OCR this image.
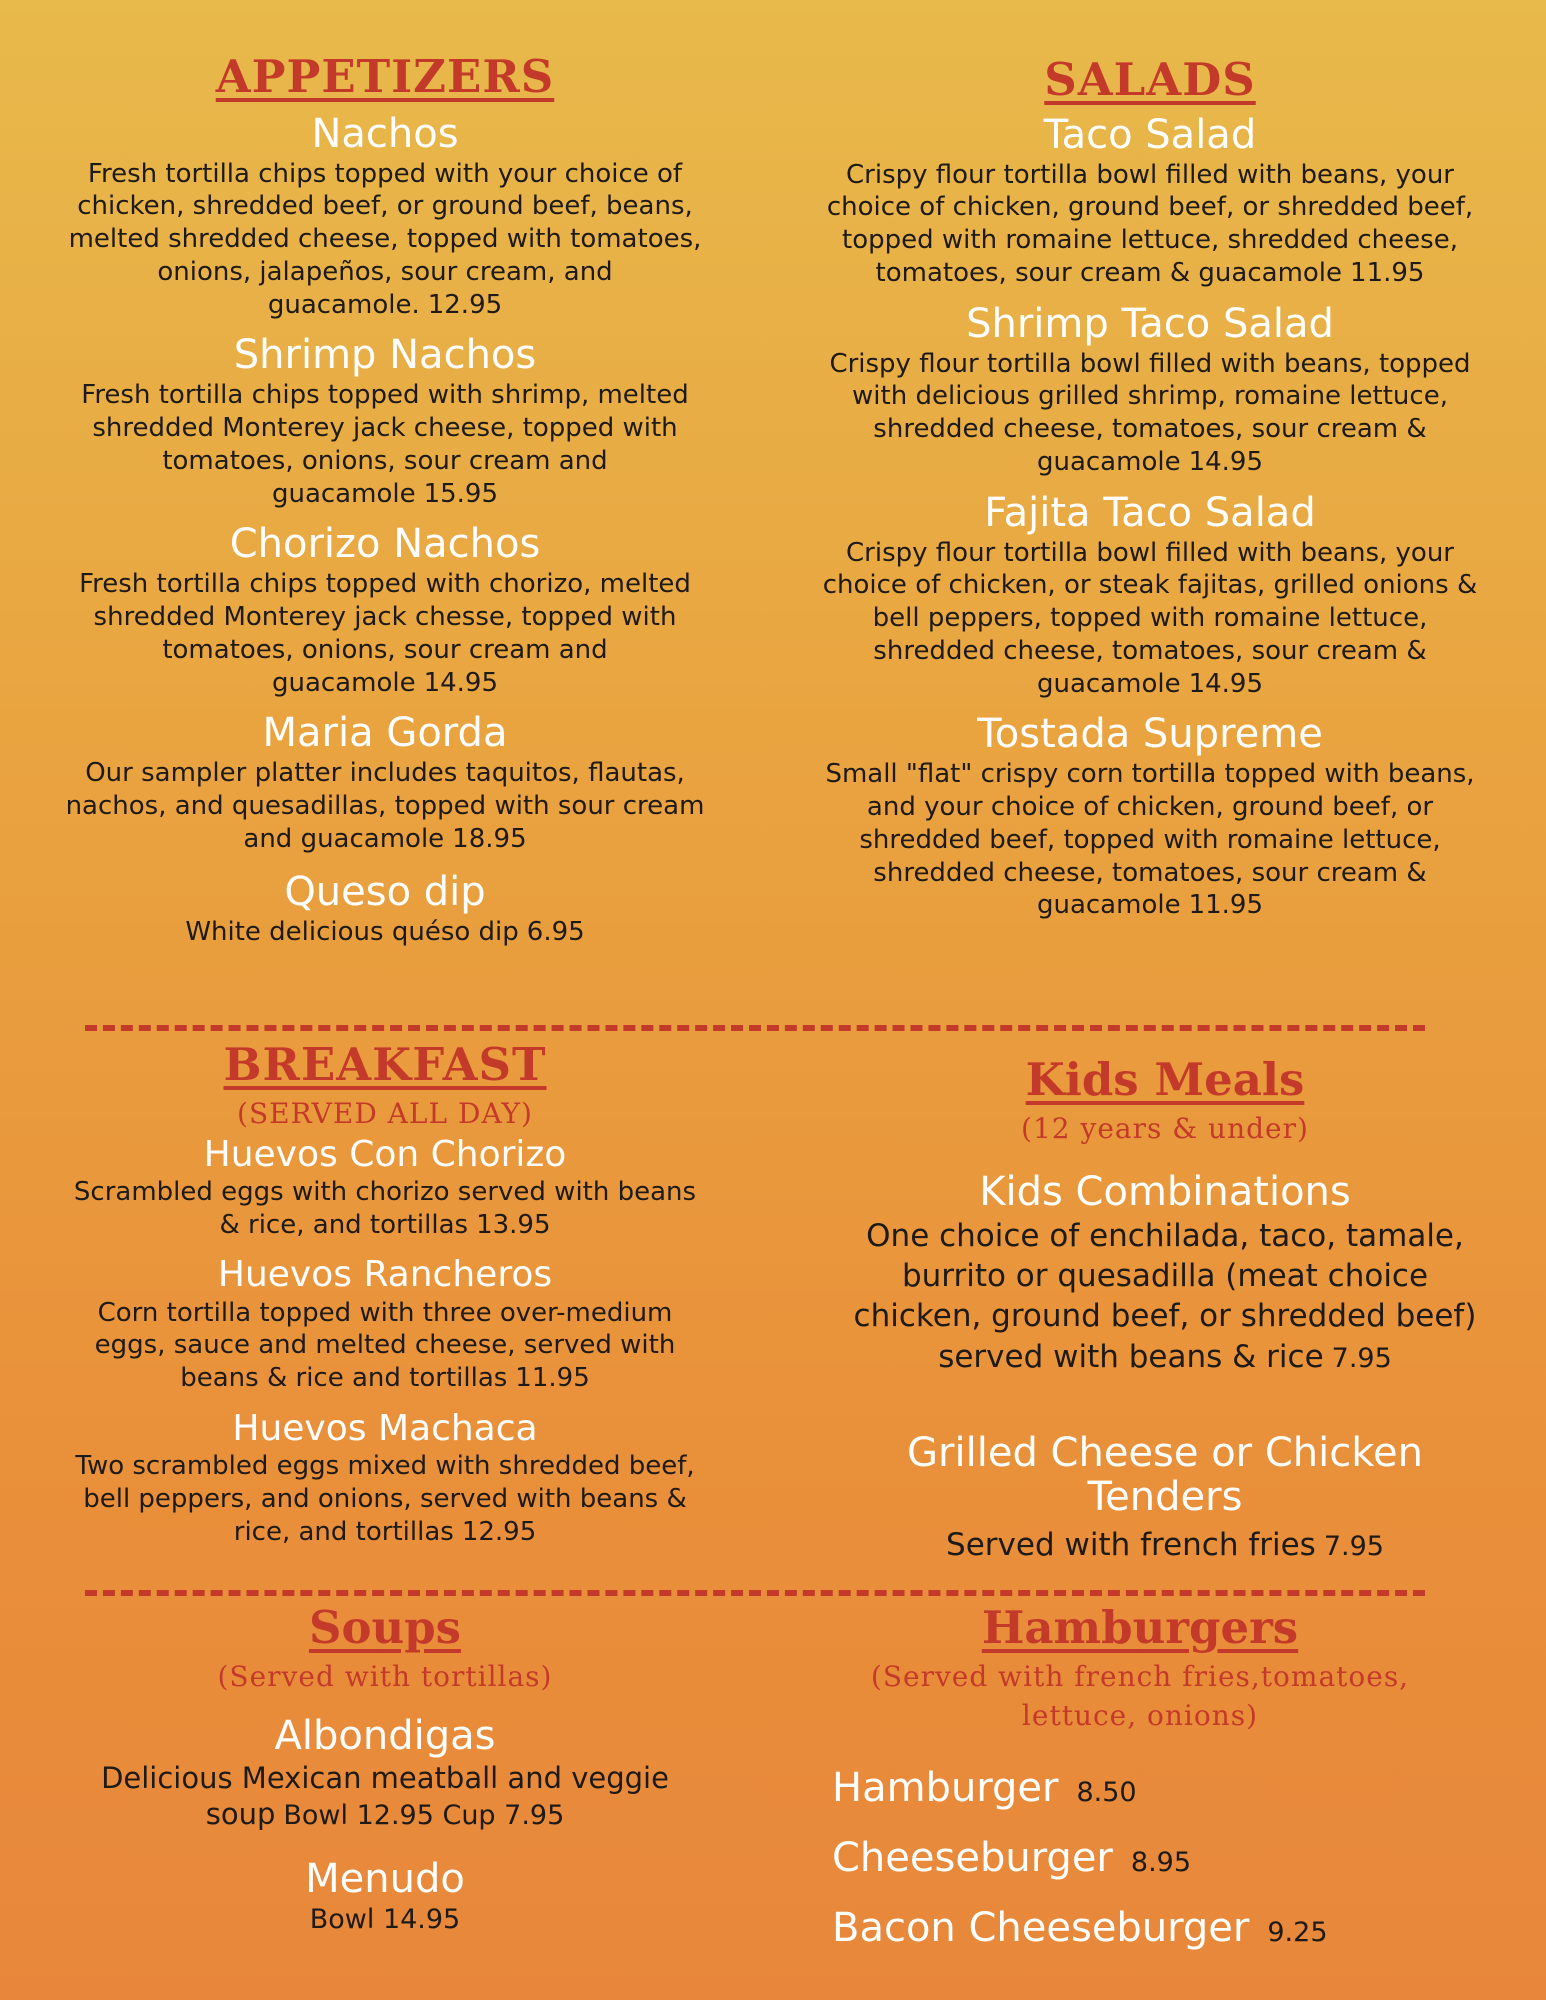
APPETIZERS

Nachos

Fresh tortilla chips topped with your choice of chicken, shredded beef, or ground beef, beans, melted shredded cheese, topped with tomatoes, onions, jalapeños, sour cream, and guacamole. 12.95

Shrimp Nachos

Fresh tortilla chips topped with shrimp, melted shredded Monterey jack cheese, topped with tomatoes, onions, sour cream and guacamole 15.95

Chorizo Nachos

Fresh tortilla chips topped with chorizo, melted shredded Monterey jack chesse, topped with tomatoes, onions, sour cream and guacamole 14.95

Maria Gorda

Our sampler platter includes taquitos, flautas, nachos, and quesadillas, topped with sour cream and guacamole 18.95

Queso dip

White delicious quéso dip 6.95

SALADS

Taco Salad

Crispy flour tortilla bowl filled with beans, your choice of chicken, ground beef, or shredded beef, topped with romaine lettuce, shredded cheese, tomatoes, sour cream & guacamole 11.95

Shrimp Taco Salad

Crispy flour tortilla bowl filled with beans, topped with delicious grilled shrimp, romaine lettuce, shredded cheese, tomatoes, sour cream & guacamole 14.95

Fajita Taco Salad

Crispy flour tortilla bowl filled with beans, your choice of chicken, or steak fajitas, grilled onions & bell peppers, topped with romaine lettuce, shredded cheese, tomatoes, sour cream & guacamole 14.95

Tostada Supreme

Small "flat" crispy corn tortilla topped with beans, and your choice of chicken, ground beef, or shredded beef, topped with romaine lettuce, shredded cheese, tomatoes, sour cream & guacamole 11.95

BREAKFAST

(SERVED ALL DAY)

Huevos Con Chorizo

Scrambled eggs with chorizo served with beans & rice, and tortillas 13.95

Huevos Rancheros

Corn tortilla topped with three over-medium eggs, sauce and melted cheese, served with beans & rice and tortillas 11.95

Huevos Machaca

Two scrambled eggs mixed with shredded beef, bell peppers, and onions, served with beans & rice, and tortillas 12.95

Kids Meals

(12 years & under)

Kids Combinations

One choice of enchilada, taco, tamale, burrito or quesadilla (meat choice chicken, ground beef, or shredded beef) served with beans & rice 7.95

Grilled Cheese or Chicken Tenders

Served with french fries 7.95

Soups

(Served with tortillas)

Albondigas

Delicious Mexican meatball and veggie soup Bowl 12.95 Cup 7.95

Menudo

Bowl 14.95

Hamburgers

(Served with french fries,tomatoes, lettuce, onions)

Hamburger 8.50
Cheeseburger 8.95
Bacon Cheeseburger 9.25
